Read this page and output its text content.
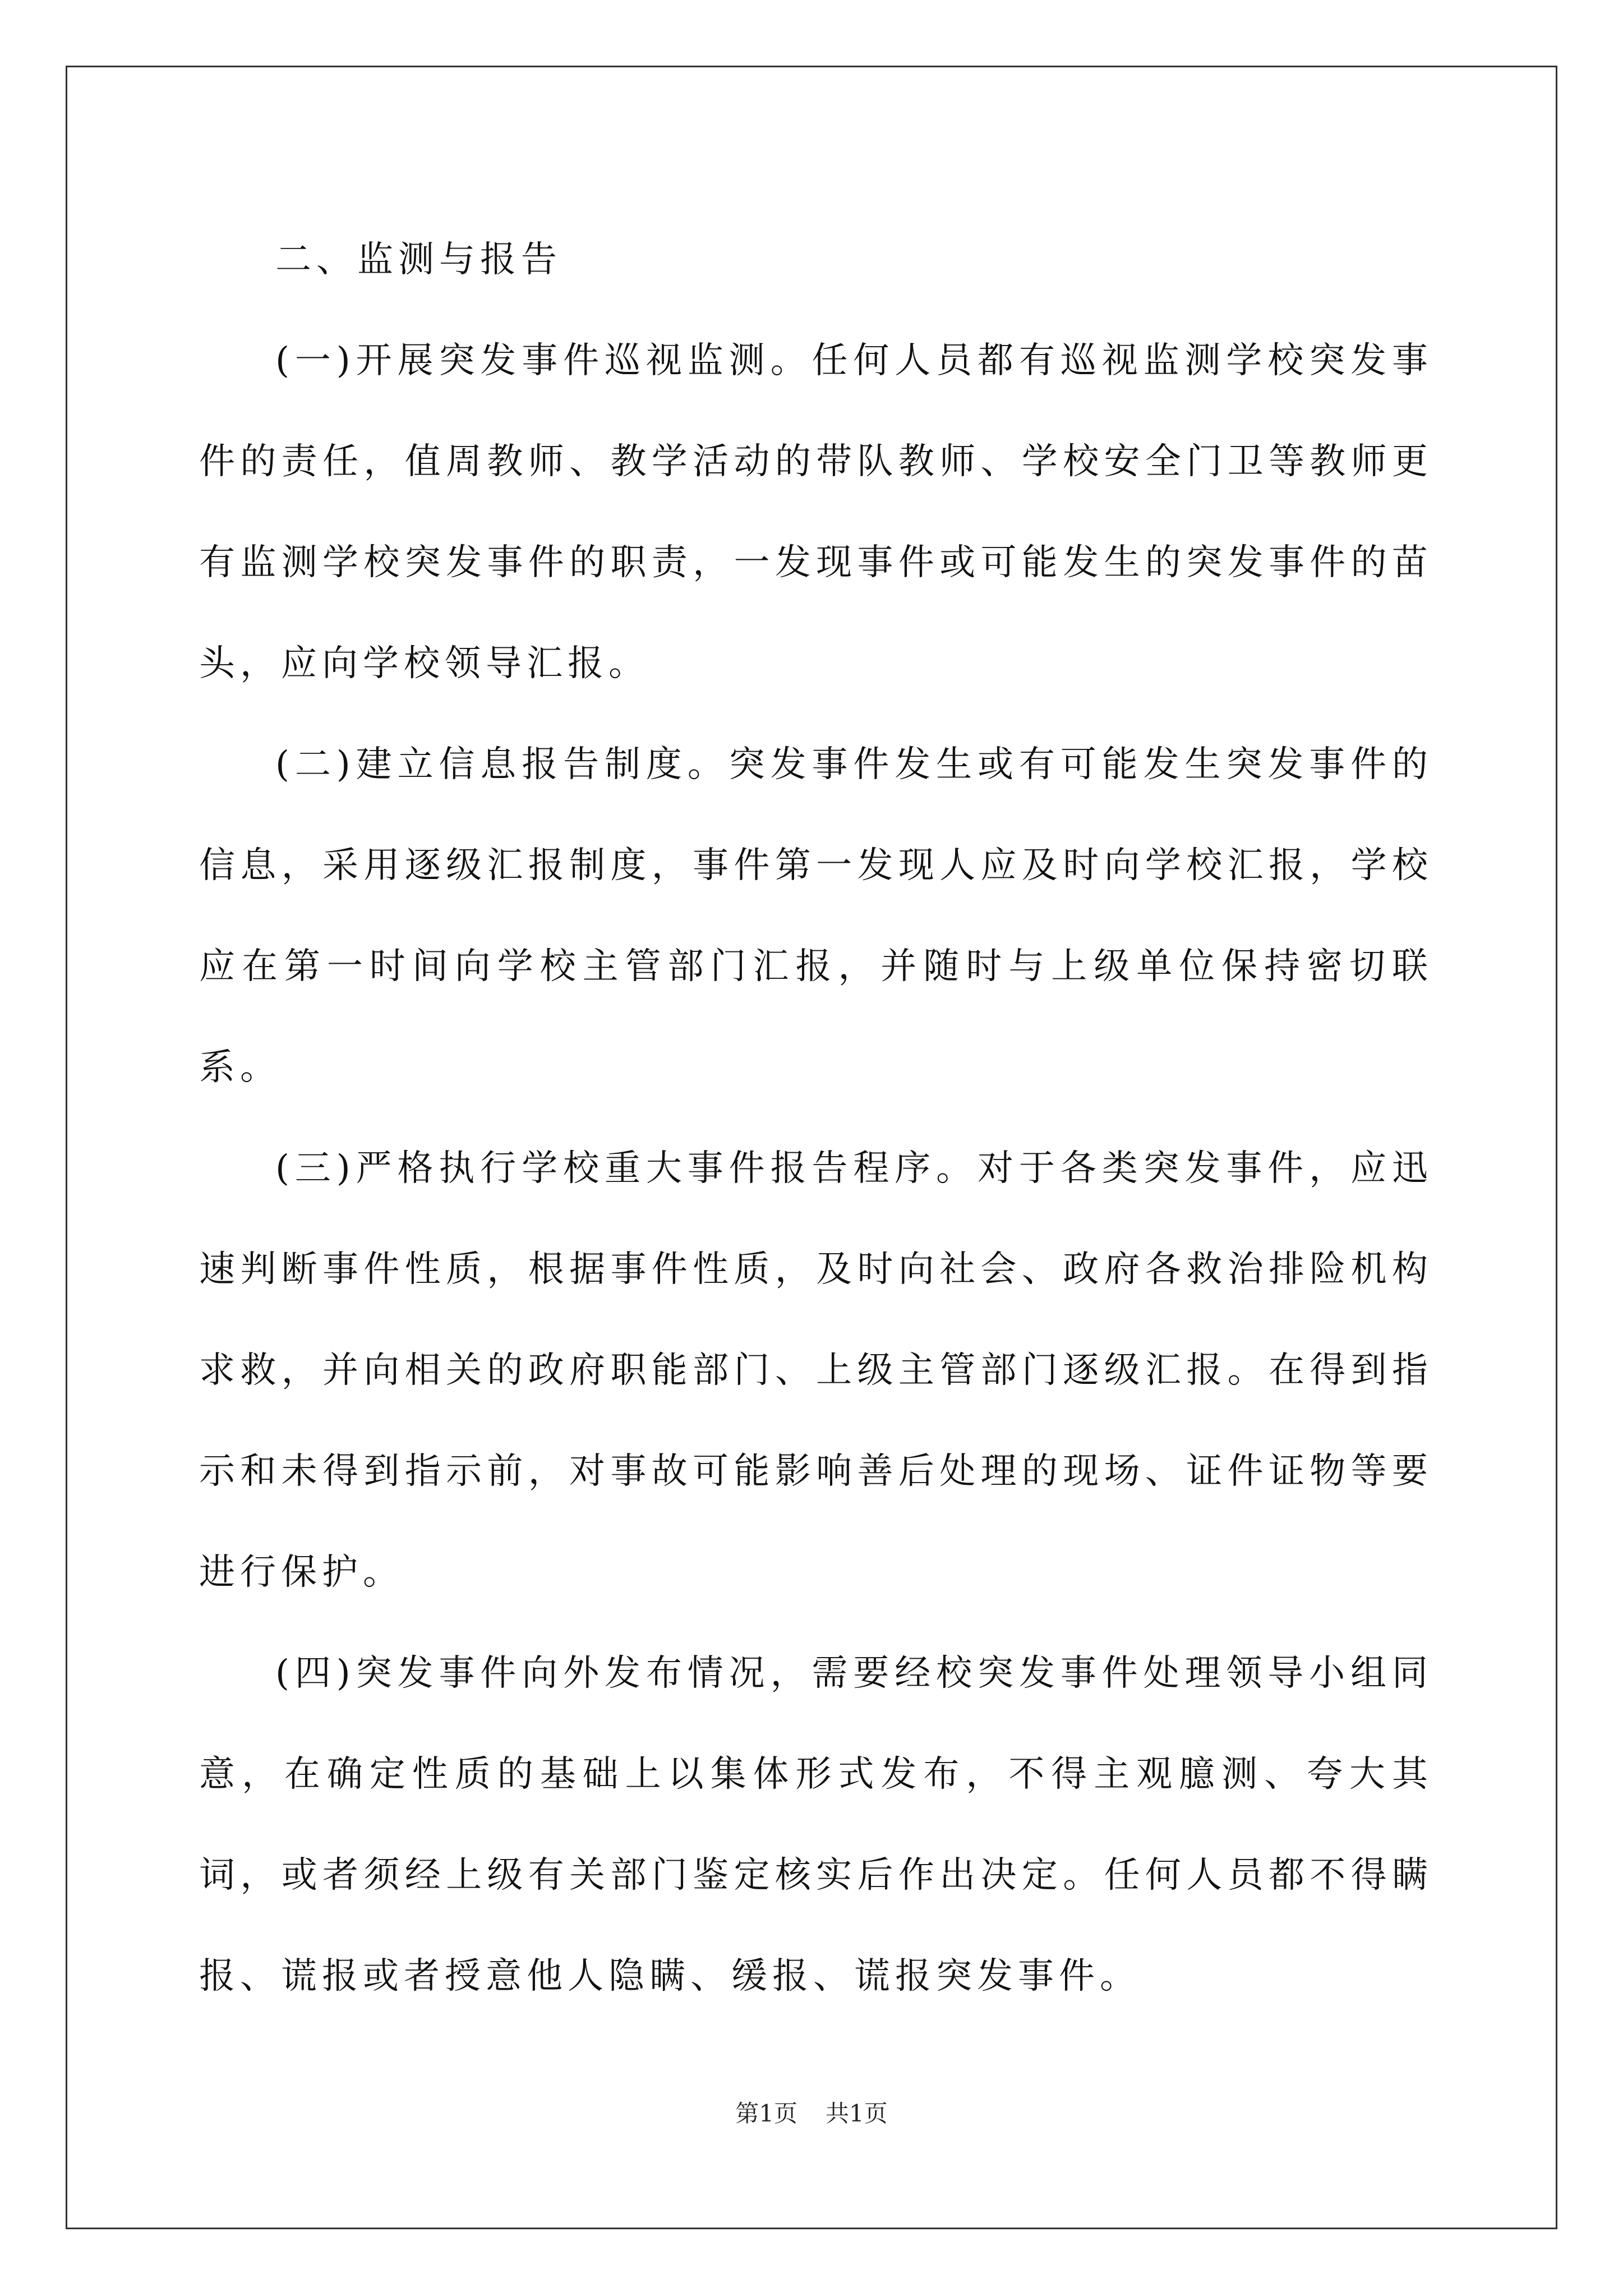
二、监测与报告

(一)开展突发事件巡视监测。任何人员都有巡视监测学校突发事件的责任，值周教师、教学活动的带队教师、学校安全门卫等教师更有监测学校突发事件的职责，一发现事件或可能发生的突发事件的苗头，应向学校领导汇报。

(二)建立信息报告制度。突发事件发生或有可能发生突发事件的信息，采用逐级汇报制度，事件第一发现人应及时向学校汇报，学校应在第一时间向学校主管部门汇报，并随时与上级单位保持密切联系。

(三)严格执行学校重大事件报告程序。对于各类突发事件，应迅速判断事件性质，根据事件性质，及时向社会、政府各救治排险机构求救，并向相关的政府职能部门、上级主管部门逐级汇报。在得到指示和未得到指示前，对事故可能影响善后处理的现场、证件证物等要进行保护。

(四)突发事件向外发布情况，需要经校突发事件处理领导小组同意，在确定性质的基础上以集体形式发布，不得主观臆测、夸大其词，或者须经上级有关部门鉴定核实后作出决定。任何人员都不得瞒报、谎报或者授意他人隐瞒、缓报、谎报突发事件。

第1页 共1页
